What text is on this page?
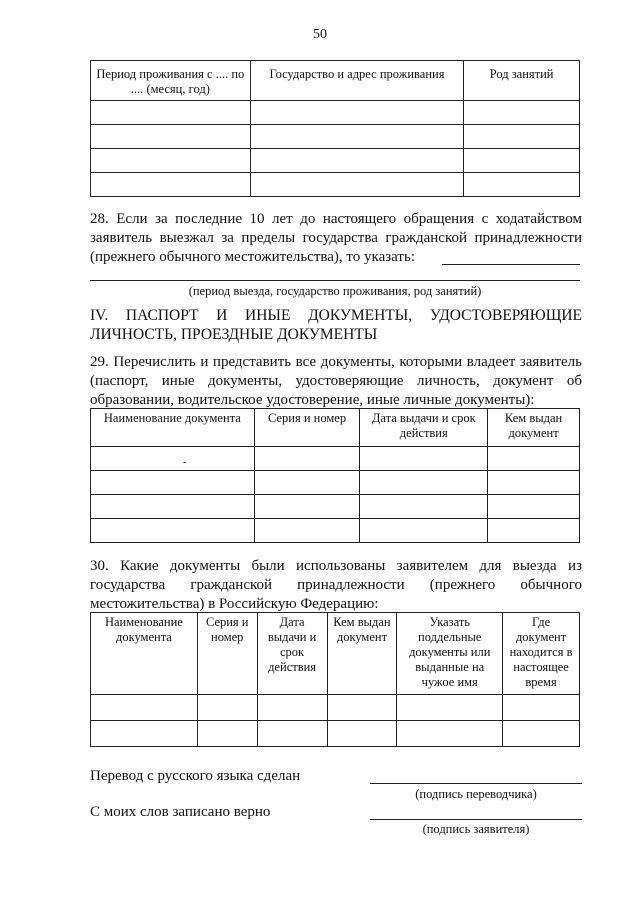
50
Период проживания с .... по .... (месяц, год)	Государство и адрес проживания	Род занятий

28. Если за последние 10 лет до настоящего обращения с ходатайством заявитель выезжал за пределы государства гражданской принадлежности (прежнего обычного местожительства), то указать:
(период выезда, государство проживания, род занятий)
IV. ПАСПОРТ И ИНЫЕ ДОКУМЕНТЫ, УДОСТОВЕРЯЮЩИЕ ЛИЧНОСТЬ, ПРОЕЗДНЫЕ ДОКУМЕНТЫ
29. Перечислить и представить все документы, которыми владеет заявитель (паспорт, иные документы, удостоверяющие личность, документ об образовании, водительское удостоверение, иные личные документы):
Наименование документа	Серия и номер	Дата выдачи и срок действия	Кем выдан документ

-			

30. Какие документы были использованы заявителем для выезда из государства гражданской принадлежности (прежнего обычного местожительства) в Российскую Федерацию:
Наименование документа	Серия и номер	Дата выдачи и срок действия	Кем выдан документ	Указать поддельные документы или выданные на чужое имя	Где документ находится в настоящее время

Перевод с русского языка сделан
(подпись переводчика)
С моих слов записано верно
(подпись заявителя)
